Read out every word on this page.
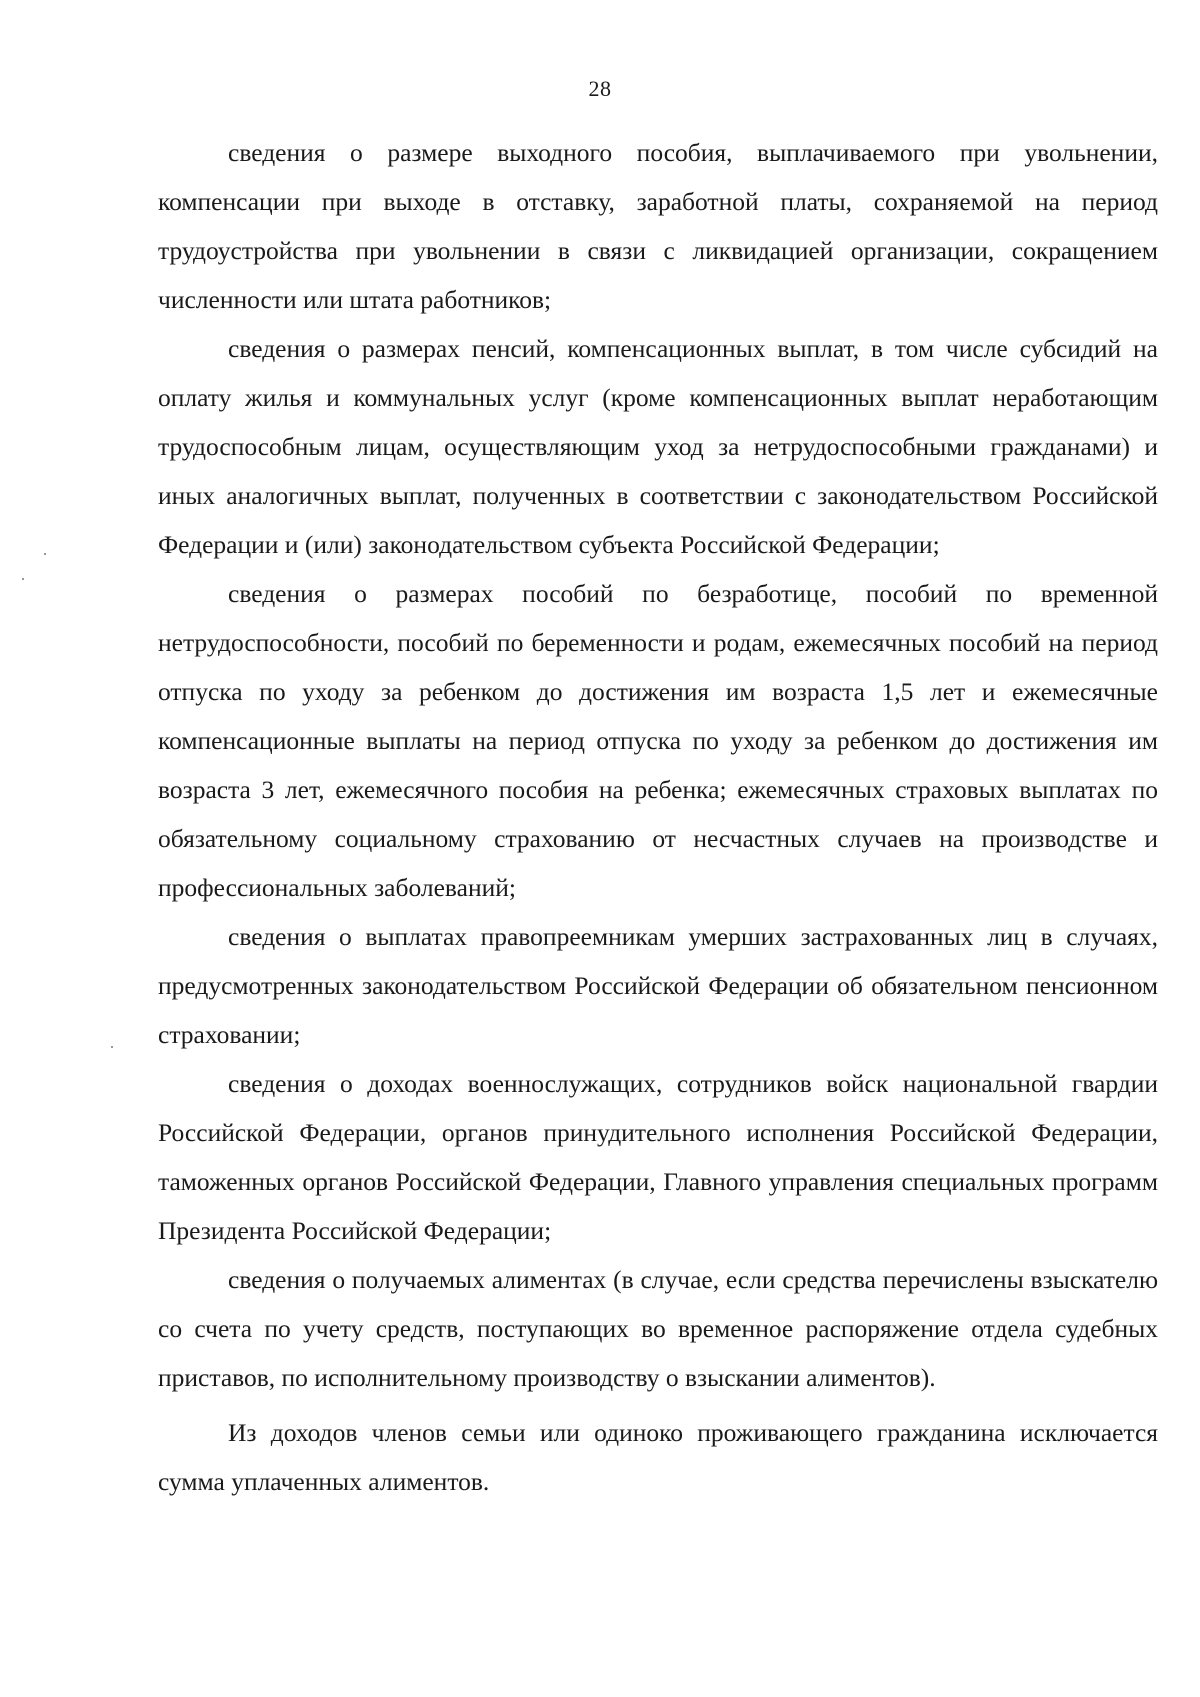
28

сведения о размере выходного пособия, выплачиваемого при увольнении, компенсации при выходе в отставку, заработной платы, сохраняемой на период трудоустройства при увольнении в связи с ликвидацией организации, сокращением численности или штата работников;

сведения о размерах пенсий, компенсационных выплат, в том числе субсидий на оплату жилья и коммунальных услуг (кроме компенсационных выплат неработающим трудоспособным лицам, осуществляющим уход за нетрудоспособными гражданами) и иных аналогичных выплат, полученных в соответствии с законодательством Российской Федерации и (или) законодательством субъекта Российской Федерации;

сведения о размерах пособий по безработице, пособий по временной нетрудоспособности, пособий по беременности и родам, ежемесячных пособий на период отпуска по уходу за ребенком до достижения им возраста 1,5 лет и ежемесячные компенсационные выплаты на период отпуска по уходу за ребенком до достижения им возраста 3 лет, ежемесячного пособия на ребенка; ежемесячных страховых выплатах по обязательному социальному страхованию от несчастных случаев на производстве и профессиональных заболеваний;

сведения о выплатах правопреемникам умерших застрахованных лиц в случаях, предусмотренных законодательством Российской Федерации об обязательном пенсионном страховании;

сведения о доходах военнослужащих, сотрудников войск национальной гвардии Российской Федерации, органов принудительного исполнения Российской Федерации, таможенных органов Российской Федерации, Главного управления специальных программ Президента Российской Федерации;

сведения о получаемых алиментах (в случае, если средства перечислены взыскателю со счета по учету средств, поступающих во временное распоряжение отдела судебных приставов, по исполнительному производству о взыскании алиментов).

Из доходов членов семьи или одиноко проживающего гражданина исключается сумма уплаченных алиментов.
